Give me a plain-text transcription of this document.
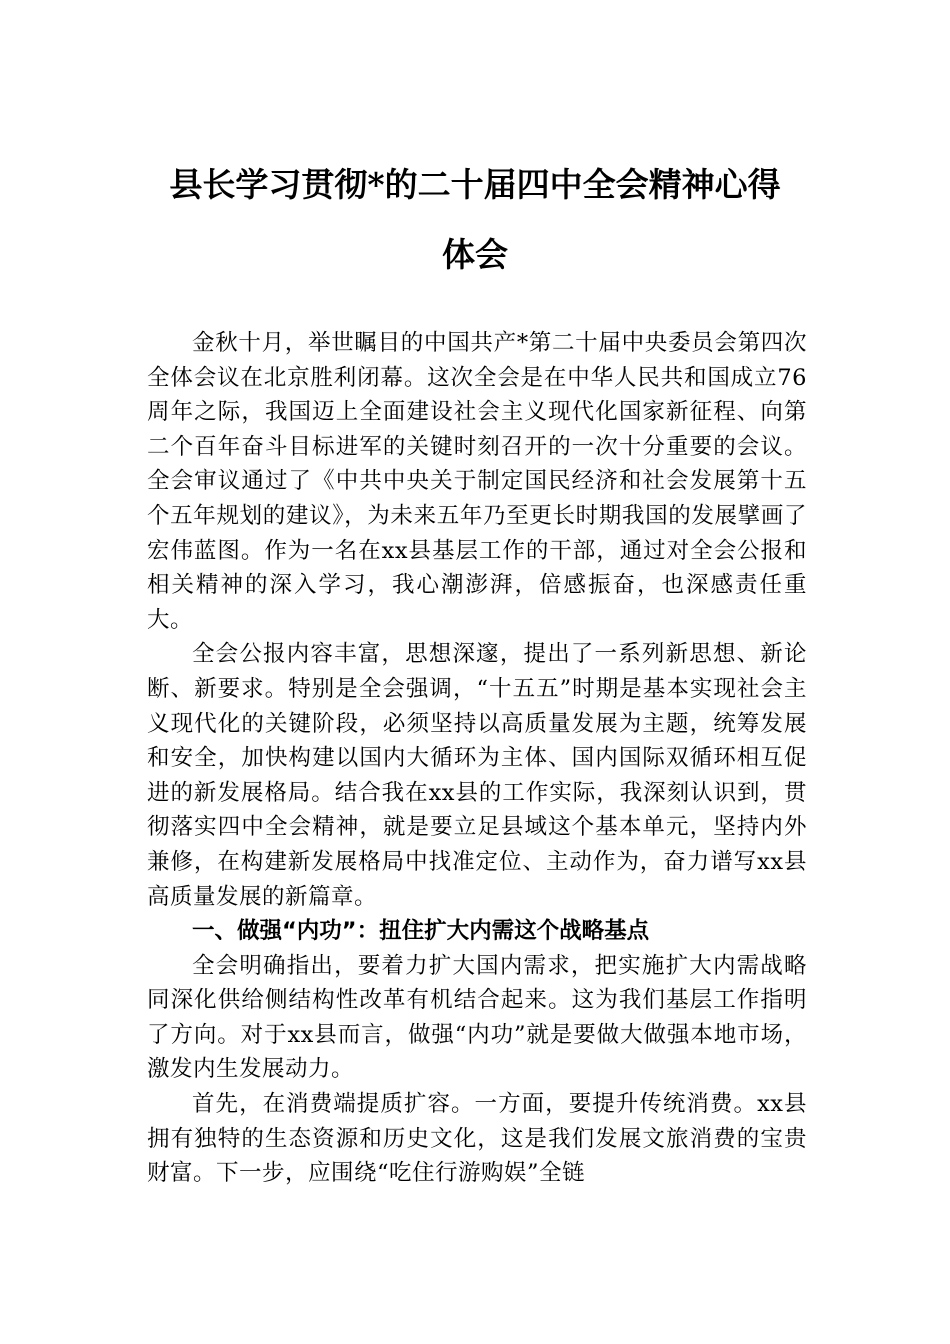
县长学习贯彻*的二十届四中全会精神心得
体会

金秋十月，举世瞩目的中国共产*第二十届中央委员会第四次全体会议在北京胜利闭幕。这次全会是在中华人民共和国成立76周年之际，我国迈上全面建设社会主义现代化国家新征程、向第二个百年奋斗目标进军的关键时刻召开的一次十分重要的会议。全会审议通过了《中共中央关于制定国民经济和社会发展第十五个五年规划的建议》，为未来五年乃至更长时期我国的发展擘画了宏伟蓝图。作为一名在xx县基层工作的干部，通过对全会公报和相关精神的深入学习，我心潮澎湃，倍感振奋，也深感责任重大。

全会公报内容丰富，思想深邃，提出了一系列新思想、新论断、新要求。特别是全会强调，“十五五”时期是基本实现社会主义现代化的关键阶段，必须坚持以高质量发展为主题，统筹发展和安全，加快构建以国内大循环为主体、国内国际双循环相互促进的新发展格局。结合我在xx县的工作实际，我深刻认识到，贯彻落实四中全会精神，就是要立足县域这个基本单元，坚持内外兼修，在构建新发展格局中找准定位、主动作为，奋力谱写xx县高质量发展的新篇章。

一、做强“内功”：扭住扩大内需这个战略基点

全会明确指出，要着力扩大国内需求，把实施扩大内需战略同深化供给侧结构性改革有机结合起来。这为我们基层工作指明了方向。对于xx县而言，做强“内功”就是要做大做强本地市场，激发内生发展动力。

首先，在消费端提质扩容。一方面，要提升传统消费。xx县拥有独特的生态资源和历史文化，这是我们发展文旅消费的宝贵财富。下一步，应围绕“吃住行游购娱”全链
